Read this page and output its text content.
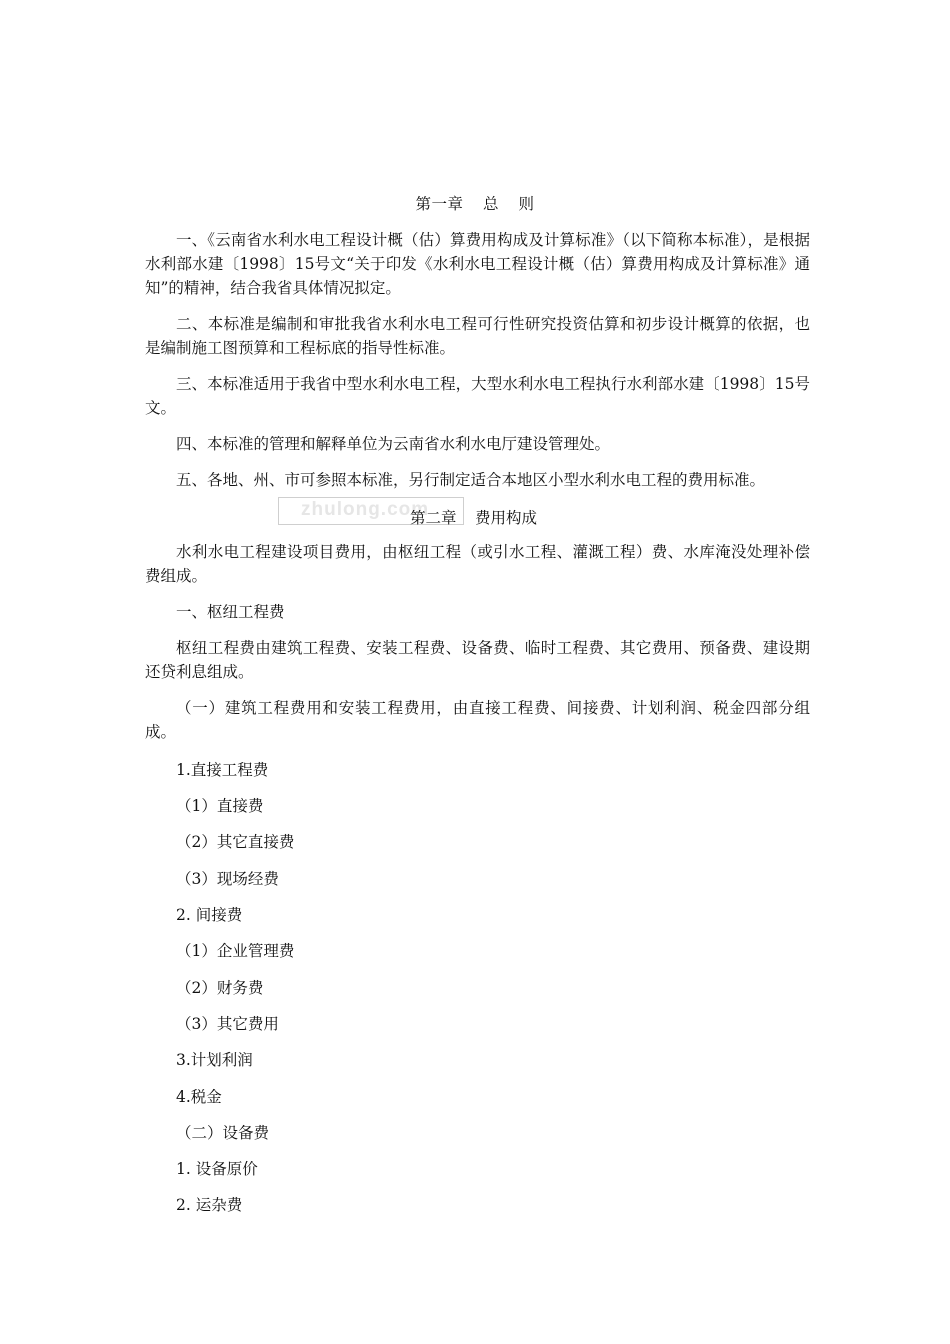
第一章 总 则

一、《云南省水利水电工程设计概（估）算费用构成及计算标准》（以下简称本标准），是根据水利部水建〔1998〕15号文“关于印发《水利水电工程设计概（估）算费用构成及计算标准》通知”的精神，结合我省具体情况拟定。

二、本标准是编制和审批我省水利水电工程可行性研究投资估算和初步设计概算的依据，也是编制施工图预算和工程标底的指导性标准。

三、本标准适用于我省中型水利水电工程，大型水利水电工程执行水利部水建〔1998〕15号文。

四、本标准的管理和解释单位为云南省水利水电厅建设管理处。

五、各地、州、市可参照本标准，另行制定适合本地区小型水利水电工程的费用标准。

zhulong.com
第二章 费用构成

水利水电工程建设项目费用，由枢纽工程（或引水工程、灌溉工程）费、水库淹没处理补偿费组成。

一、枢纽工程费

枢纽工程费由建筑工程费、安装工程费、设备费、临时工程费、其它费用、预备费、建设期还贷利息组成。

（一）建筑工程费用和安装工程费用，由直接工程费、间接费、计划利润、税金四部分组成。

1.直接工程费

（1）直接费

（2）其它直接费

（3）现场经费

2. 间接费

（1）企业管理费

（2）财务费

（3）其它费用

3.计划利润

4.税金

（二）设备费

1. 设备原价

2. 运杂费
